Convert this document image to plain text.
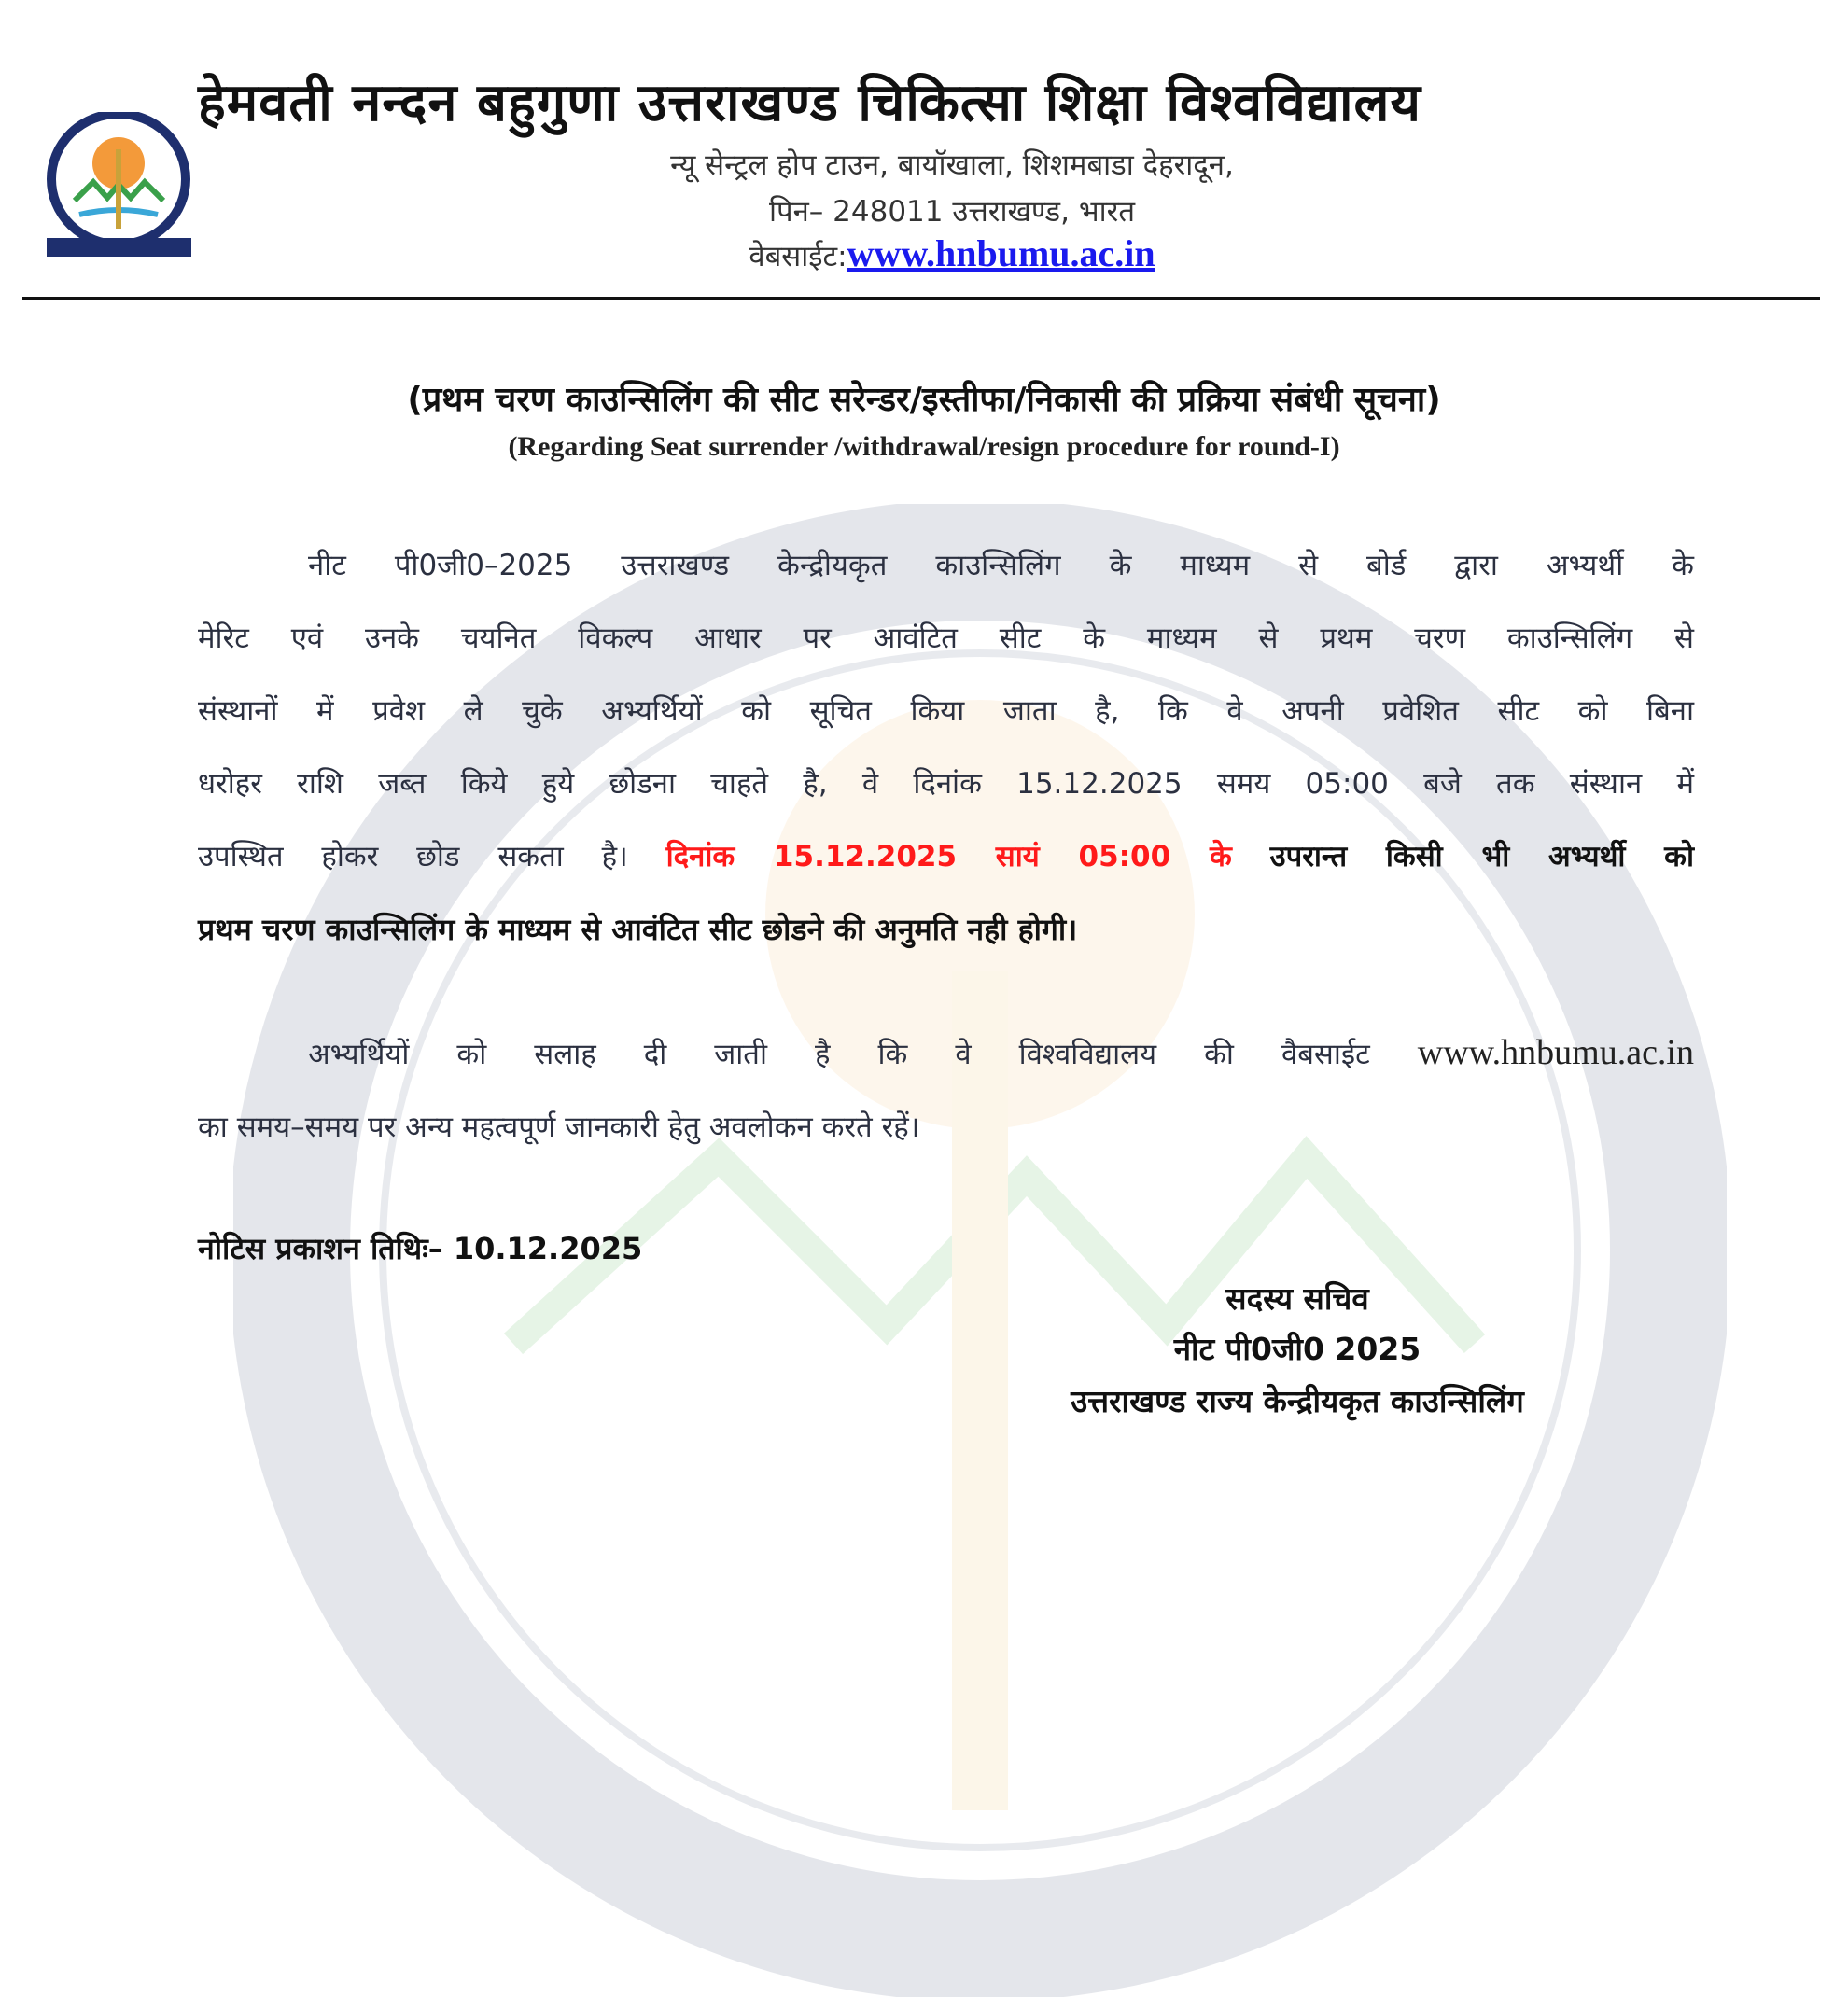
हेमवती नन्दन बहुगुणा उत्तराखण्ड चिकित्सा शिक्षा विश्वविद्यालय
न्यू सेन्ट्रल होप टाउन, बायॉखाला, शिशमबाडा देहरादून,
पिन– 248011 उत्तराखण्ड, भारत
वेबसाईट:www.hnbumu.ac.in
(प्रथम चरण काउन्सिलिंग की सीट सरेन्डर/इस्तीफा/निकासी की प्रक्रिया संबंधी सूचना)
(Regarding Seat surrender /withdrawal/resign procedure for round-I)
नीट पी0जी0–2025 उत्तराखण्ड केन्द्रीयकृत काउन्सिलिंग के माध्यम से बोर्ड द्वारा अभ्यर्थी के
मेरिट एवं उनके चयनित विकल्प आधार पर आवंटित सीट के माध्यम से प्रथम चरण काउन्सिलिंग से
संस्थानों में प्रवेश ले चुके अभ्यर्थियों को सूचित किया जाता है, कि वे अपनी प्रवेशित सीट को बिना
धरोहर राशि जब्त किये हुये छोडना चाहते है, वे दिनांक 15.12.2025 समय 05:00 बजे तक संस्थान में
उपस्थित होकर छोड सकता है। दिनांक 15.12.2025 सायं 05:00 के उपरान्त किसी भी अभ्यर्थी को
प्रथम चरण काउन्सिलिंग के माध्यम से आवंटित सीट छोडने की अनुमति नही होगी।
अभ्यर्थियों को सलाह दी जाती है कि वे विश्वविद्यालय की वैबसाईट www.hnbumu.ac.in
का समय–समय पर अन्य महत्वपूर्ण जानकारी हेतु अवलोकन करते रहें।
नोटिस प्रकाशन तिथिः– 10.12.2025
सदस्य सचिव
नीट पी0जी0 2025
उत्तराखण्ड राज्य केन्द्रीयकृत काउन्सिलिंग
